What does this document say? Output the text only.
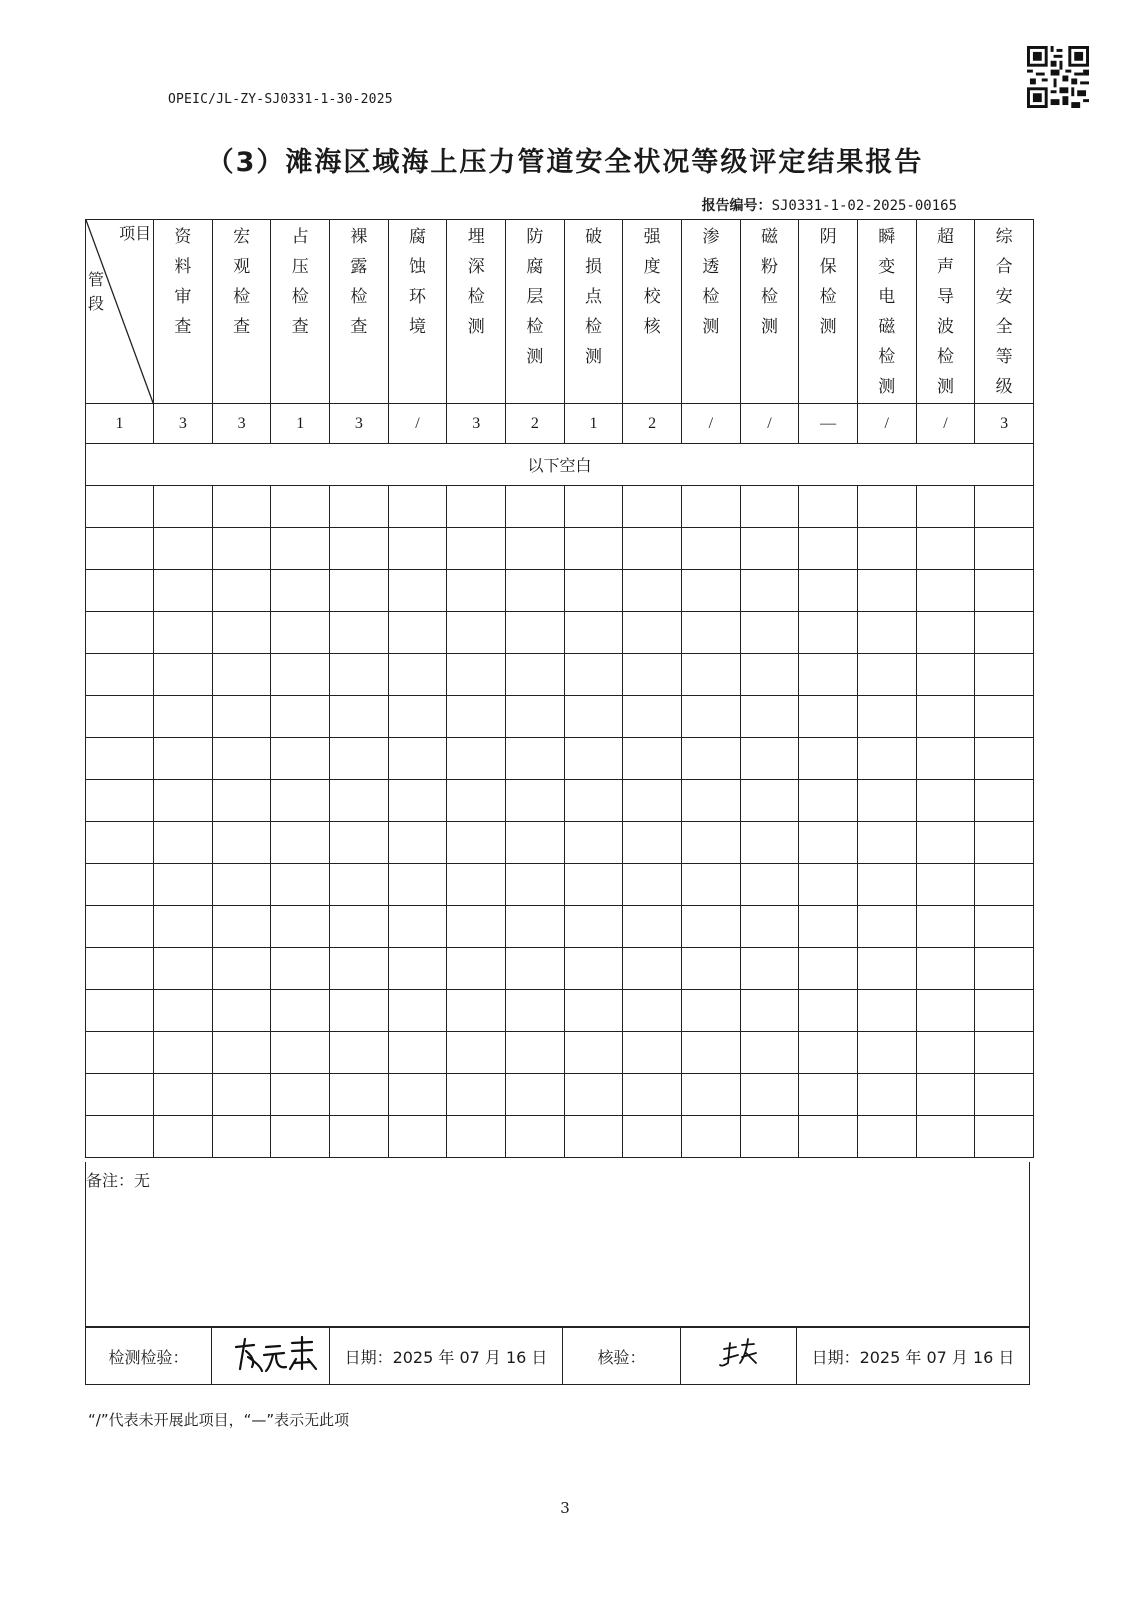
OPEIC/JL-ZY-SJ0331-1-30-2025
（3）滩海区域海上压力管道安全状况等级评定结果报告
报告编号：SJ0331-1-02-2025-00165
项目
管段	资料审查	宏观检查	占压检查	裸露检查	腐蚀环境	埋深检测	防腐层检测	破损点检测	强度校核	渗透检测	磁粉检测	阴保检测	瞬变电磁检测	超声导波检测	综合安全等级
1	3	3	1	3	/	3	2	1	2	/	/	—	/	/	3
以下空白															

备注：无
检测检验：		日期：2025 年 07 月 16 日	核验：		日期：2025 年 07 月 16 日
“/”代表未开展此项目，“—”表示无此项
3
